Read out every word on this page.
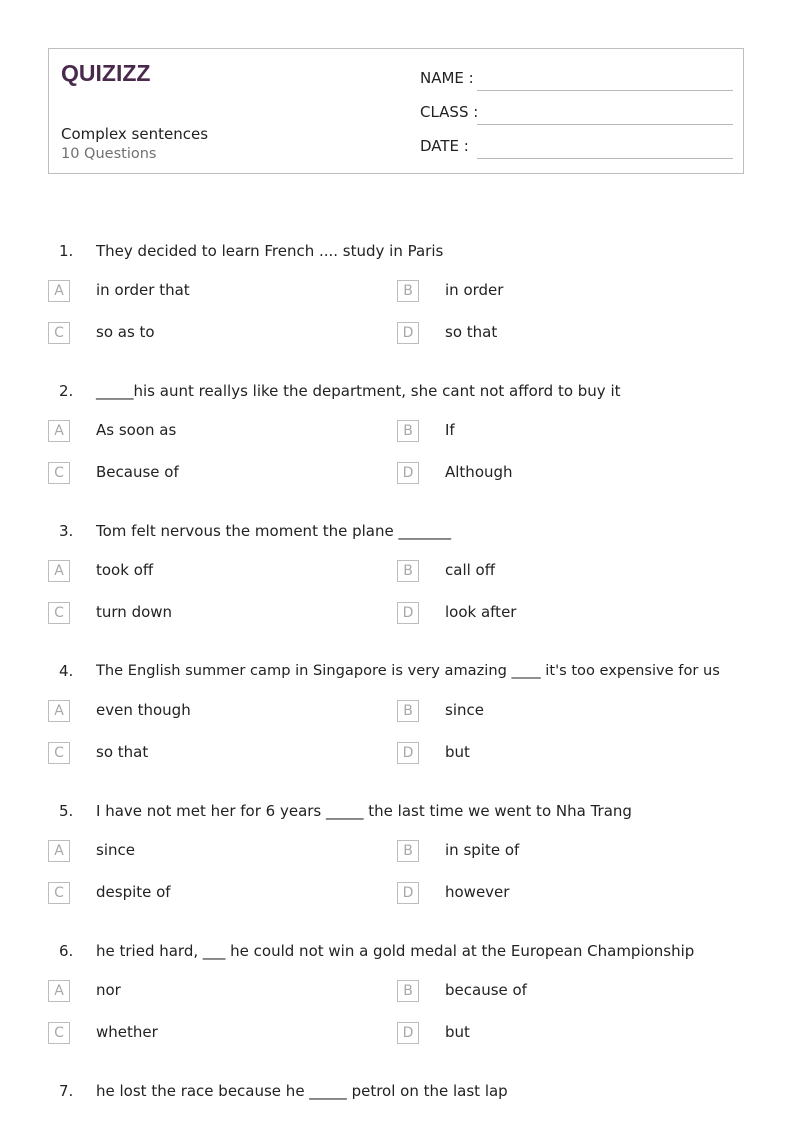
QUIZIZZ
Complex sentences
10 Questions
NAME :
CLASS :
DATE :
1. They decided to learn French .... study in Paris
A	in order that	B	in order
C	so as to	D	so that
2. _____his aunt reallys like the department, she cant not afford to buy it
A	As soon as	B	If
C	Because of	D	Although
3. Tom felt nervous the moment the plane _______
A	took off	B	call off
C	turn down	D	look after
4. The English summer camp in Singapore is very amazing ____ it's too expensive for us
A	even though	B	since
C	so that	D	but
5. I have not met her for 6 years _____ the last time we went to Nha Trang
A	since	B	in spite of
C	despite of	D	however
6. he tried hard, ___ he could not win a gold medal at the European Championship
A	nor	B	because of
C	whether	D	but
7. he lost the race because he _____ petrol on the last lap
